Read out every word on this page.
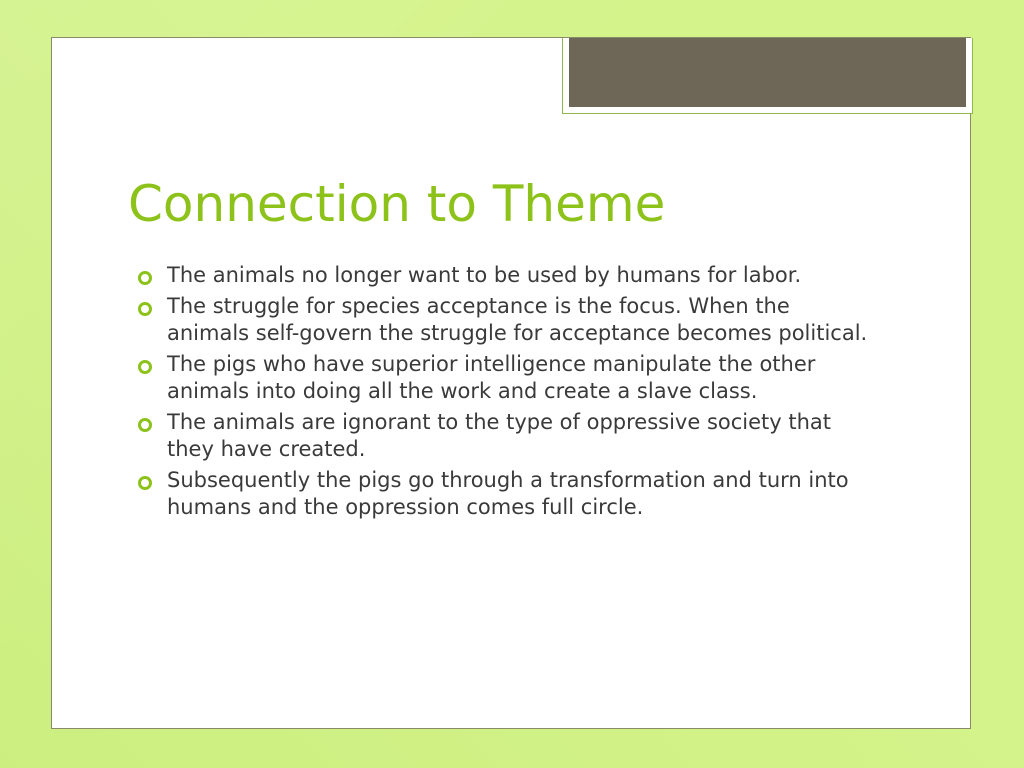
Connection to Theme
The animals no longer want to be used by humans for labor.
The struggle for species acceptance is the focus. When the animals self-govern the struggle for acceptance becomes political.
The pigs who have superior intelligence manipulate the other animals into doing all the work and create a slave class.
The animals are ignorant to the type of oppressive society that they have created.
Subsequently the pigs go through a transformation and turn into humans and the oppression comes full circle.
